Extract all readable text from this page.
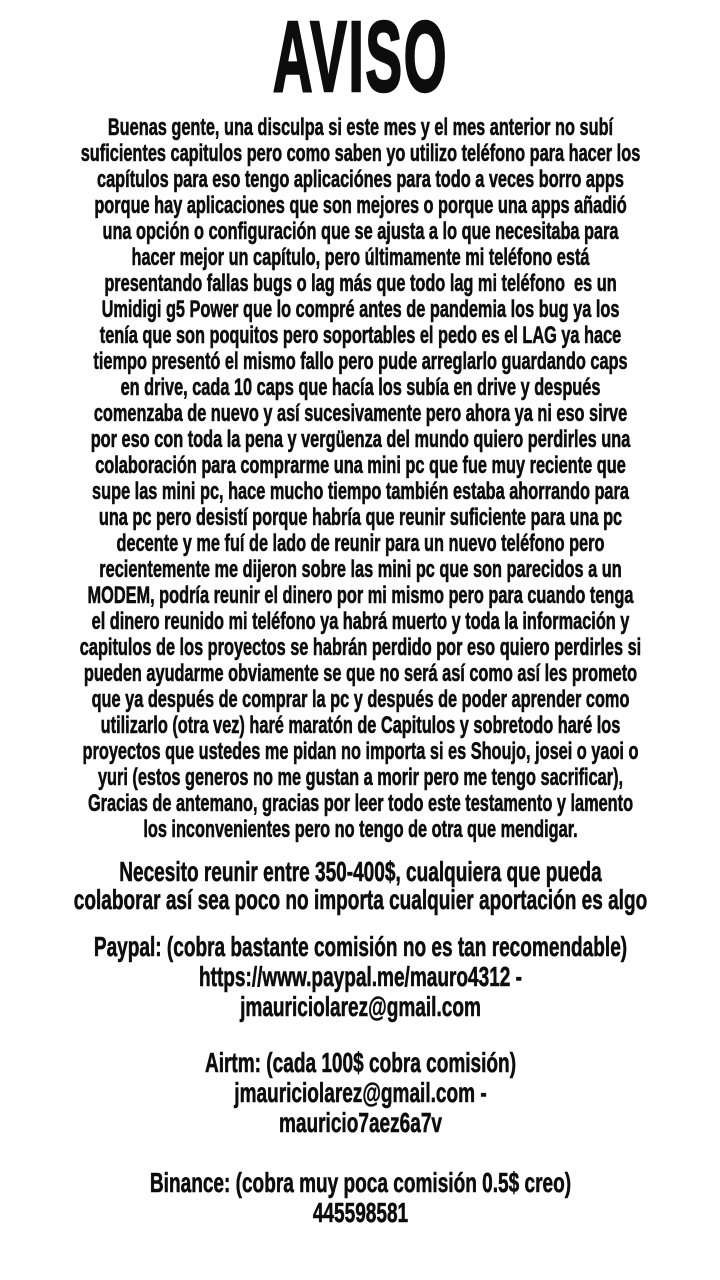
AVISO
Buenas gente, una disculpa si este mes y el mes anterior no subí
suficientes capitulos pero como saben yo utilizo teléfono para hacer los
capítulos para eso tengo aplicaciónes para todo a veces borro apps
porque hay aplicaciones que son mejores o porque una apps añadió
una opción o configuración que se ajusta a lo que necesitaba para
hacer mejor un capítulo, pero últimamente mi teléfono está
presentando fallas bugs o lag más que todo lag mi teléfono  es un
Umidigi g5 Power que lo compré antes de pandemia los bug ya los
tenía que son poquitos pero soportables el pedo es el LAG ya hace
tiempo presentó el mismo fallo pero pude arreglarlo guardando caps
en drive, cada 10 caps que hacía los subía en drive y después
comenzaba de nuevo y así sucesivamente pero ahora ya ni eso sirve
por eso con toda la pena y vergüenza del mundo quiero perdirles una
colaboración para comprarme una mini pc que fue muy reciente que
supe las mini pc, hace mucho tiempo también estaba ahorrando para
una pc pero desistí porque habría que reunir suficiente para una pc
decente y me fuí de lado de reunir para un nuevo teléfono pero
recientemente me dijeron sobre las mini pc que son parecidos a un
MODEM, podría reunir el dinero por mi mismo pero para cuando tenga
el dinero reunido mi teléfono ya habrá muerto y toda la información y
capitulos de los proyectos se habrán perdido por eso quiero perdirles si
pueden ayudarme obviamente se que no será así como así les prometo
que ya después de comprar la pc y después de poder aprender como
utilizarlo (otra vez) haré maratón de Capitulos y sobretodo haré los
proyectos que ustedes me pidan no importa si es Shoujo, josei o yaoi o
yuri (estos generos no me gustan a morir pero me tengo sacrificar),
Gracias de antemano, gracias por leer todo este testamento y lamento
los inconvenientes pero no tengo de otra que mendigar.
Necesito reunir entre 350-400$, cualquiera que pueda
colaborar así sea poco no importa cualquier aportación es algo
Paypal: (cobra bastante comisión no es tan recomendable)
https://www.paypal.me/mauro4312 -
jmauriciolarez@gmail.com
Airtm: (cada 100$ cobra comisión)
jmauriciolarez@gmail.com -
mauricio7aez6a7v
Binance: (cobra muy poca comisión 0.5$ creo)
445598581
